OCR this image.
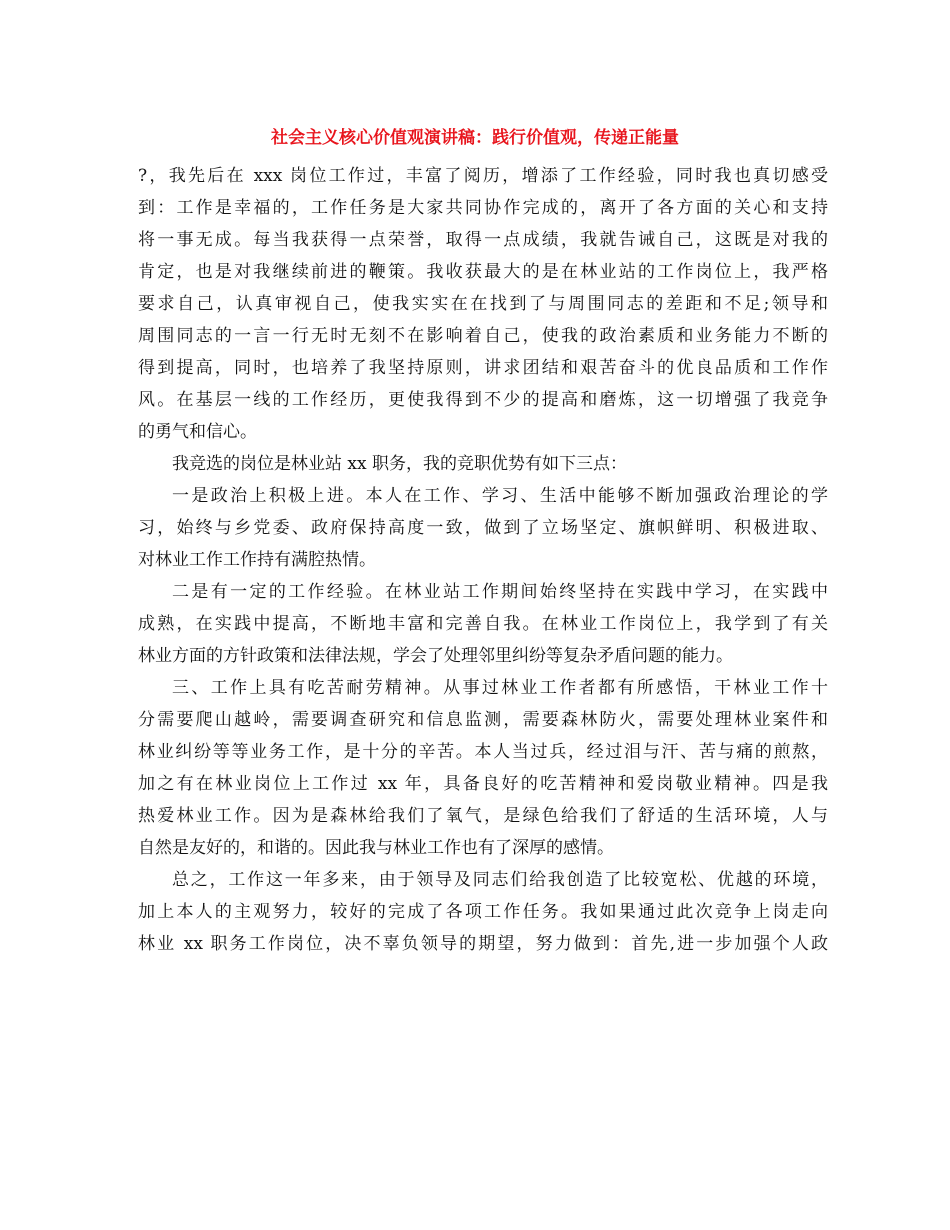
社会主义核心价值观演讲稿：践行价值观，传递正能量

?，我先后在 xxx 岗位工作过，丰富了阅历，增添了工作经验，同时我也真切感受
到：工作是幸福的，工作任务是大家共同协作完成的，离开了各方面的关心和支持
将一事无成。每当我获得一点荣誉，取得一点成绩，我就告诫自己，这既是对我的
肯定，也是对我继续前进的鞭策。我收获最大的是在林业站的工作岗位上，我严格
要求自己，认真审视自己，使我实实在在找到了与周围同志的差距和不足;领导和
周围同志的一言一行无时无刻不在影响着自己，使我的政治素质和业务能力不断的
得到提高，同时，也培养了我坚持原则，讲求团结和艰苦奋斗的优良品质和工作作
风。在基层一线的工作经历，更使我得到不少的提高和磨炼，这一切增强了我竞争
的勇气和信心。

我竞选的岗位是林业站 xx 职务，我的竞职优势有如下三点：

一是政治上积极上进。本人在工作、学习、生活中能够不断加强政治理论的学
习，始终与乡党委、政府保持高度一致，做到了立场坚定、旗帜鲜明、积极进取、
对林业工作工作持有满腔热情。

二是有一定的工作经验。在林业站工作期间始终坚持在实践中学习，在实践中
成熟，在实践中提高，不断地丰富和完善自我。在林业工作岗位上，我学到了有关
林业方面的方针政策和法律法规，学会了处理邻里纠纷等复杂矛盾问题的能力。

三、工作上具有吃苦耐劳精神。从事过林业工作者都有所感悟，干林业工作十
分需要爬山越岭，需要调查研究和信息监测，需要森林防火，需要处理林业案件和
林业纠纷等等业务工作，是十分的辛苦。本人当过兵，经过泪与汗、苦与痛的煎熬，
加之有在林业岗位上工作过 xx 年，具备良好的吃苦精神和爱岗敬业精神。四是我
热爱林业工作。因为是森林给我们了氧气，是绿色给我们了舒适的生活环境，人与
自然是友好的，和谐的。因此我与林业工作也有了深厚的感情。

总之，工作这一年多来，由于领导及同志们给我创造了比较宽松、优越的环境，
加上本人的主观努力，较好的完成了各项工作任务。我如果通过此次竞争上岗走向
林业 xx 职务工作岗位，决不辜负领导的期望，努力做到：首先,进一步加强个人政
